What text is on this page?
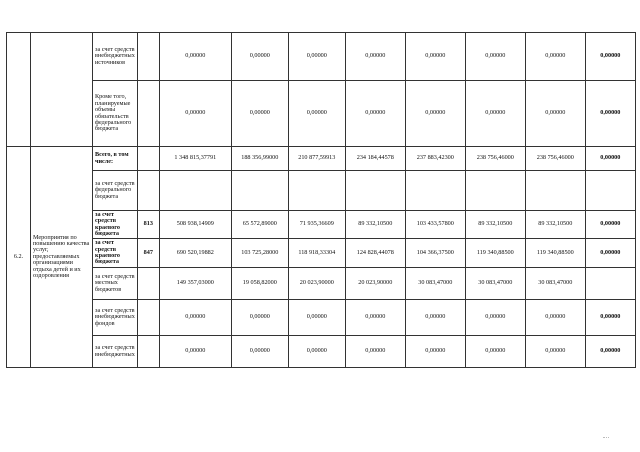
		за счет средств внебюджетных источников		0,00000	0,00000	0,00000	0,00000	0,00000	0,00000	0,00000	0,00000
		Кроме того, планируемые объемы обязательств федерального бюджета		0,00000	0,00000	0,00000	0,00000	0,00000	0,00000	0,00000	0,00000
6.2.	Мероприятия по повышению качества услуг, предоставляемых организациями отдыха детей и их оздоровления	Всего, в том числе:		1 348 815,37791	188 356,99000	210 877,59913	234 184,44578	237 883,42300	238 756,46000	238 756,46000	0,00000
		за счет средств федерального бюджета									
		за счет средств краевого бюджета	813	508 938,14909	65 572,89000	71 935,36609	89 332,10500	103 433,57800	89 332,10500	89 332,10500	0,00000
		за счет средств краевого бюджета	847	690 520,19882	103 725,28000	118 918,33304	124 828,44078	104 366,37500	119 340,88500	119 340,88500	0,00000
		за счет средств местных бюджетов		149 357,03000	19 058,82000	20 023,90000	20 023,90000	30 083,47000	30 083,47000	30 083,47000	
		за счет средств внебюджетных фондов		0,00000	0,00000	0,00000	0,00000	0,00000	0,00000	0,00000	0,00000
		за счет средств внебюджетных		0,00000	0,00000	0,00000	0,00000	0,00000	0,00000	0,00000	0,00000
